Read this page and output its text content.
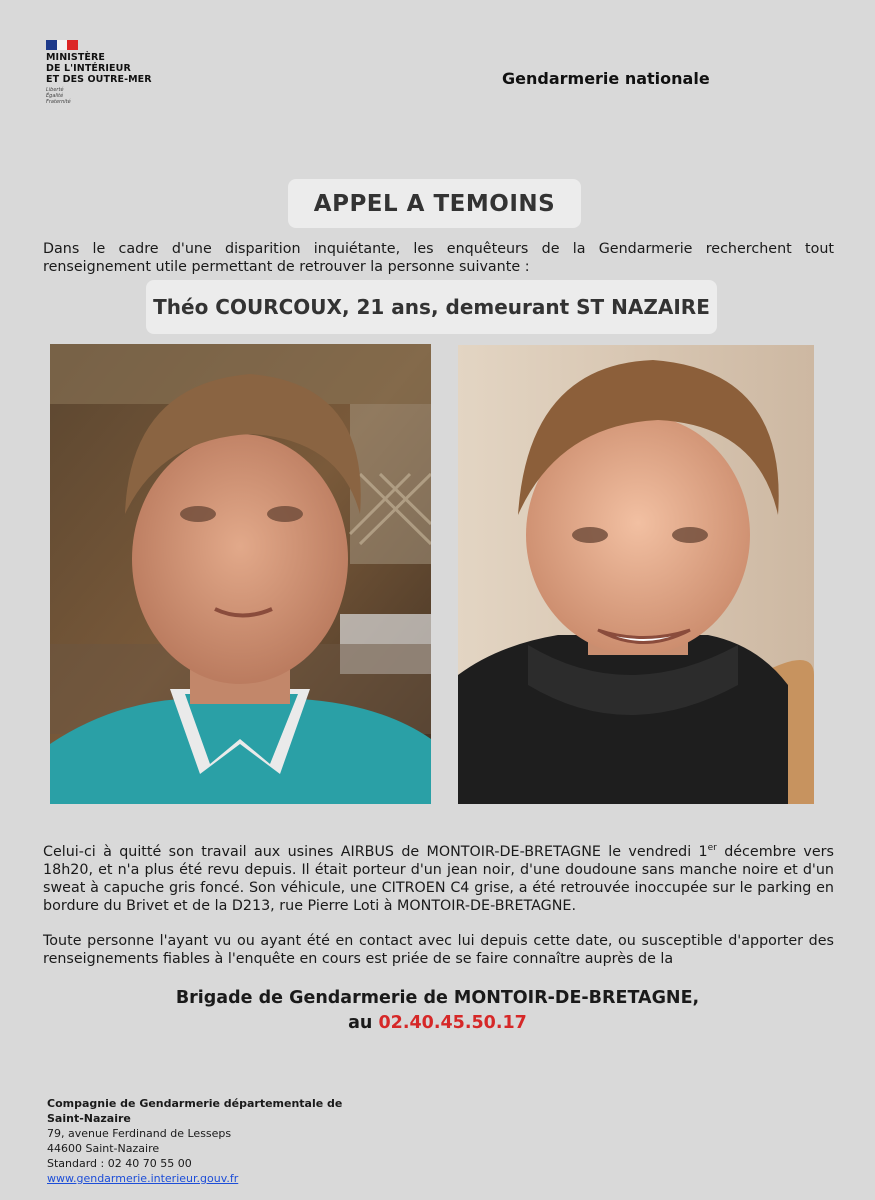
MINISTÈRE
DE L'INTÉRIEUR
ET DES OUTRE-MER
Liberté
Égalité
Fraternité
Gendarmerie nationale
APPEL A TEMOINS
Dans le cadre d'une disparition inquiétante, les enquêteurs de la Gendarmerie recherchent tout renseignement utile permettant de retrouver la personne suivante :
Théo COURCOUX, 21 ans, demeurant ST NAZAIRE
Celui-ci à quitté son travail aux usines AIRBUS de MONTOIR-DE-BRETAGNE le vendredi 1er décembre vers 18h20, et n'a plus été revu depuis. Il était porteur d'un jean noir, d'une doudoune sans manche noire et d'un sweat à capuche gris foncé. Son véhicule, une CITROEN C4 grise, a été retrouvée inoccupée sur le parking en bordure du Brivet et de la D213, rue Pierre Loti à MONTOIR-DE-BRETAGNE.
Toute personne l'ayant vu ou ayant été en contact avec lui depuis cette date, ou susceptible d'apporter des renseignements fiables à l'enquête en cours est priée de se faire connaître auprès de la
Brigade de Gendarmerie de MONTOIR-DE-BRETAGNE,
au 02.40.45.50.17
Compagnie de Gendarmerie départementale de
Saint-Nazaire
79, avenue Ferdinand de Lesseps
44600 Saint-Nazaire
Standard : 02 40 70 55 00
www.gendarmerie.interieur.gouv.fr
